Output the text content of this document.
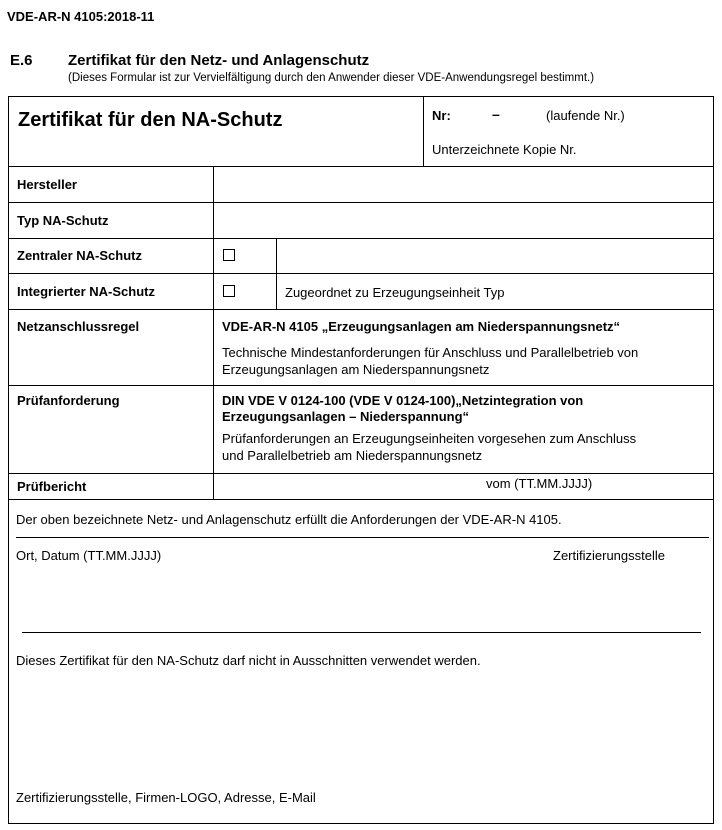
VDE-AR-N 4105:2018-11
E.6 Zertifikat für den Netz- und Anlagenschutz
(Dieses Formular ist zur Vervielfältigung durch den Anwender dieser VDE-Anwendungsregel bestimmt.)
Zertifikat für den NA-Schutz	Nr:	–	(laufende Nr.)
Unterzeichnete Kopie Nr.
Hersteller
Typ NA-Schutz
Zentraler NA-Schutz
Integrierter NA-Schutz	Zugeordnet zu Erzeugungseinheit Typ
Netzanschlussregel	VDE-AR-N 4105 „Erzeugungsanlagen am Niederspannungsnetz“
Technische Mindestanforderungen für Anschluss und Parallelbetrieb von
Erzeugungsanlagen am Niederspannungsnetz
Prüfanforderung	DIN VDE V 0124-100 (VDE V 0124-100)„Netzintegration von
Erzeugungsanlagen – Niederspannung“
Prüfanforderungen an Erzeugungseinheiten vorgesehen zum Anschluss
und Parallelbetrieb am Niederspannungsnetz
Prüfbericht	vom (TT.MM.JJJJ)
Der oben bezeichnete Netz- und Anlagenschutz erfüllt die Anforderungen der VDE-AR-N 4105.
Ort, Datum (TT.MM.JJJJ)	Zertifizierungsstelle
Dieses Zertifikat für den NA-Schutz darf nicht in Ausschnitten verwendet werden.
Zertifizierungsstelle, Firmen-LOGO, Adresse, E-Mail
